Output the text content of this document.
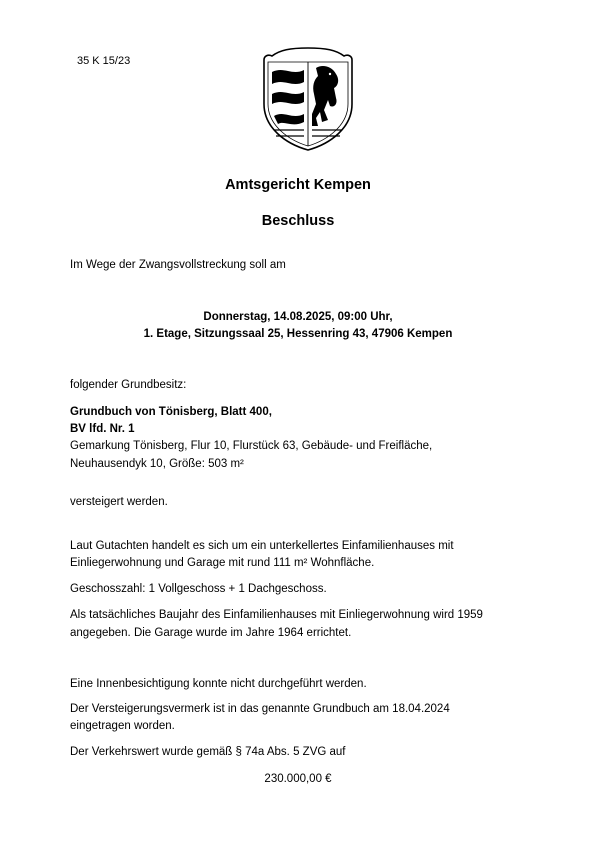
35 K 15/23
Amtsgericht Kempen
Beschluss
Im Wege der Zwangsvollstreckung soll am
Donnerstag, 14.08.2025, 09:00 Uhr,
1. Etage, Sitzungssaal 25, Hessenring 43, 47906 Kempen
folgender Grundbesitz:
Grundbuch von Tönisberg, Blatt 400,
BV lfd. Nr. 1
Gemarkung Tönisberg, Flur 10, Flurstück 63, Gebäude- und Freifläche,
Neuhausendyk 10, Größe: 503 m²
versteigert werden.
Laut Gutachten handelt es sich um ein unterkellertes Einfamilienhauses mit
Einliegerwohnung und Garage mit rund 111 m² Wohnfläche.
Geschosszahl: 1 Vollgeschoss + 1 Dachgeschoss.
Als tatsächliches Baujahr des Einfamilienhauses mit Einliegerwohnung wird 1959
angegeben. Die Garage wurde im Jahre 1964 errichtet.
Eine Innenbesichtigung konnte nicht durchgeführt werden.
Der Versteigerungsvermerk ist in das genannte Grundbuch am 18.04.2024
eingetragen worden.
Der Verkehrswert wurde gemäß § 74a Abs. 5 ZVG auf
230.000,00 €
